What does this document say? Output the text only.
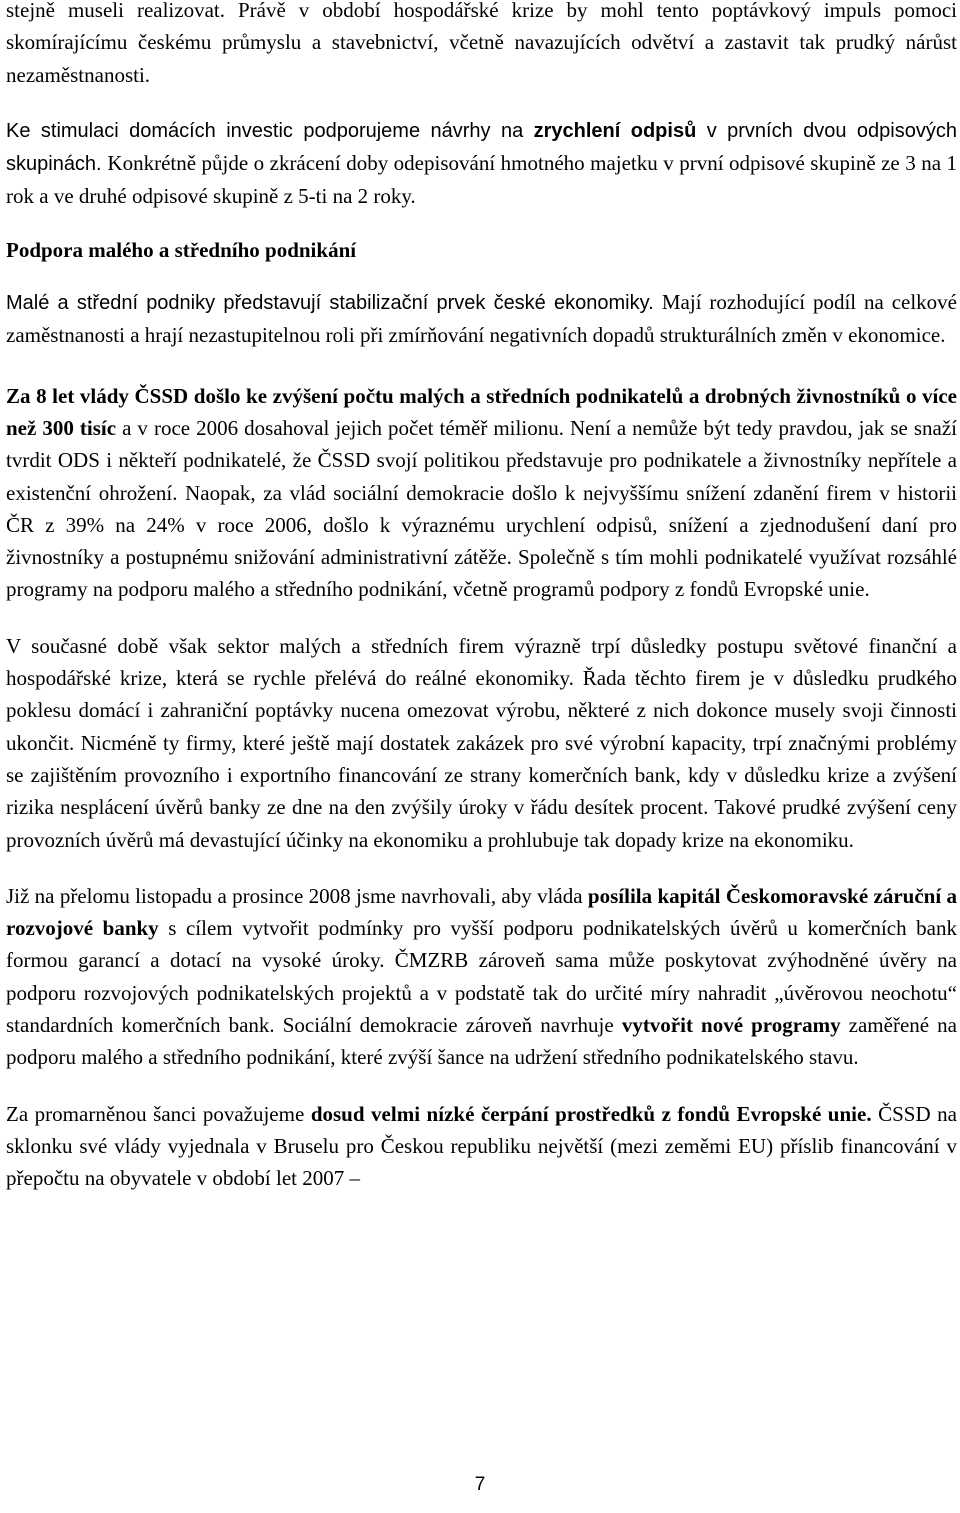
stejně museli realizovat. Právě v období hospodářské krize by mohl tento poptávkový impuls pomoci skomírajícímu českému průmyslu a stavebnictví, včetně navazujících odvětví a zastavit tak prudký nárůst nezaměstnanosti.

Ke stimulaci domácích investic podporujeme návrhy na zrychlení odpisů v prvních dvou odpisových skupinách. Konkrétně půjde o zkrácení doby odepisování hmotného majetku v první odpisové skupině ze 3 na 1 rok a ve druhé odpisové skupině z 5-ti na 2 roky.

Podpora malého a středního podnikání

Malé a střední podniky představují stabilizační prvek české ekonomiky. Mají rozhodující podíl na celkové zaměstnanosti a hrají nezastupitelnou roli při zmírňování negativních dopadů strukturálních změn v ekonomice.

Za 8 let vlády ČSSD došlo ke zvýšení počtu malých a středních podnikatelů a drobných živnostníků o více než 300 tisíc a v roce 2006 dosahoval jejich počet téměř milionu. Není a nemůže být tedy pravdou, jak se snaží tvrdit ODS i někteří podnikatelé, že ČSSD svojí politikou představuje pro podnikatele a živnostníky nepřítele a existenční ohrožení. Naopak, za vlád sociální demokracie došlo k nejvyššímu snížení zdanění firem v historii ČR z 39% na 24% v roce 2006, došlo k výraznému urychlení odpisů, snížení a zjednodušení daní pro živnostníky a postupnému snižování administrativní zátěže. Společně s tím mohli podnikatelé využívat rozsáhlé programy na podporu malého a středního podnikání, včetně programů podpory z fondů Evropské unie.

V současné době však sektor malých a středních firem výrazně trpí důsledky postupu světové finanční a hospodářské krize, která se rychle přelévá do reálné ekonomiky. Řada těchto firem je v důsledku prudkého poklesu domácí i zahraniční poptávky nucena omezovat výrobu, některé z nich dokonce musely svoji činnosti ukončit. Nicméně ty firmy, které ještě mají dostatek zakázek pro své výrobní kapacity, trpí značnými problémy se zajištěním provozního i exportního financování ze strany komerčních bank, kdy v důsledku krize a zvýšení rizika nesplácení úvěrů banky ze dne na den zvýšily úroky v řádu desítek procent. Takové prudké zvýšení ceny provozních úvěrů má devastující účinky na ekonomiku a prohlubuje tak dopady krize na ekonomiku.

Již na přelomu listopadu a prosince 2008 jsme navrhovali, aby vláda posílila kapitál Českomoravské záruční a rozvojové banky s cílem vytvořit podmínky pro vyšší podporu podnikatelských úvěrů u komerčních bank formou garancí a dotací na vysoké úroky. ČMZRB zároveň sama může poskytovat zvýhodněné úvěry na podporu rozvojových podnikatelských projektů a v podstatě tak do určité míry nahradit „úvěrovou neochotu“ standardních komerčních bank. Sociální demokracie zároveň navrhuje vytvořit nové programy zaměřené na podporu malého a středního podnikání, které zvýší šance na udržení středního podnikatelského stavu.

Za promarněnou šanci považujeme dosud velmi nízké čerpání prostředků z fondů Evropské unie. ČSSD na sklonku své vlády vyjednala v Bruselu pro Českou republiku největší (mezi zeměmi EU) příslib financování v přepočtu na obyvatele v období let 2007 –

7
